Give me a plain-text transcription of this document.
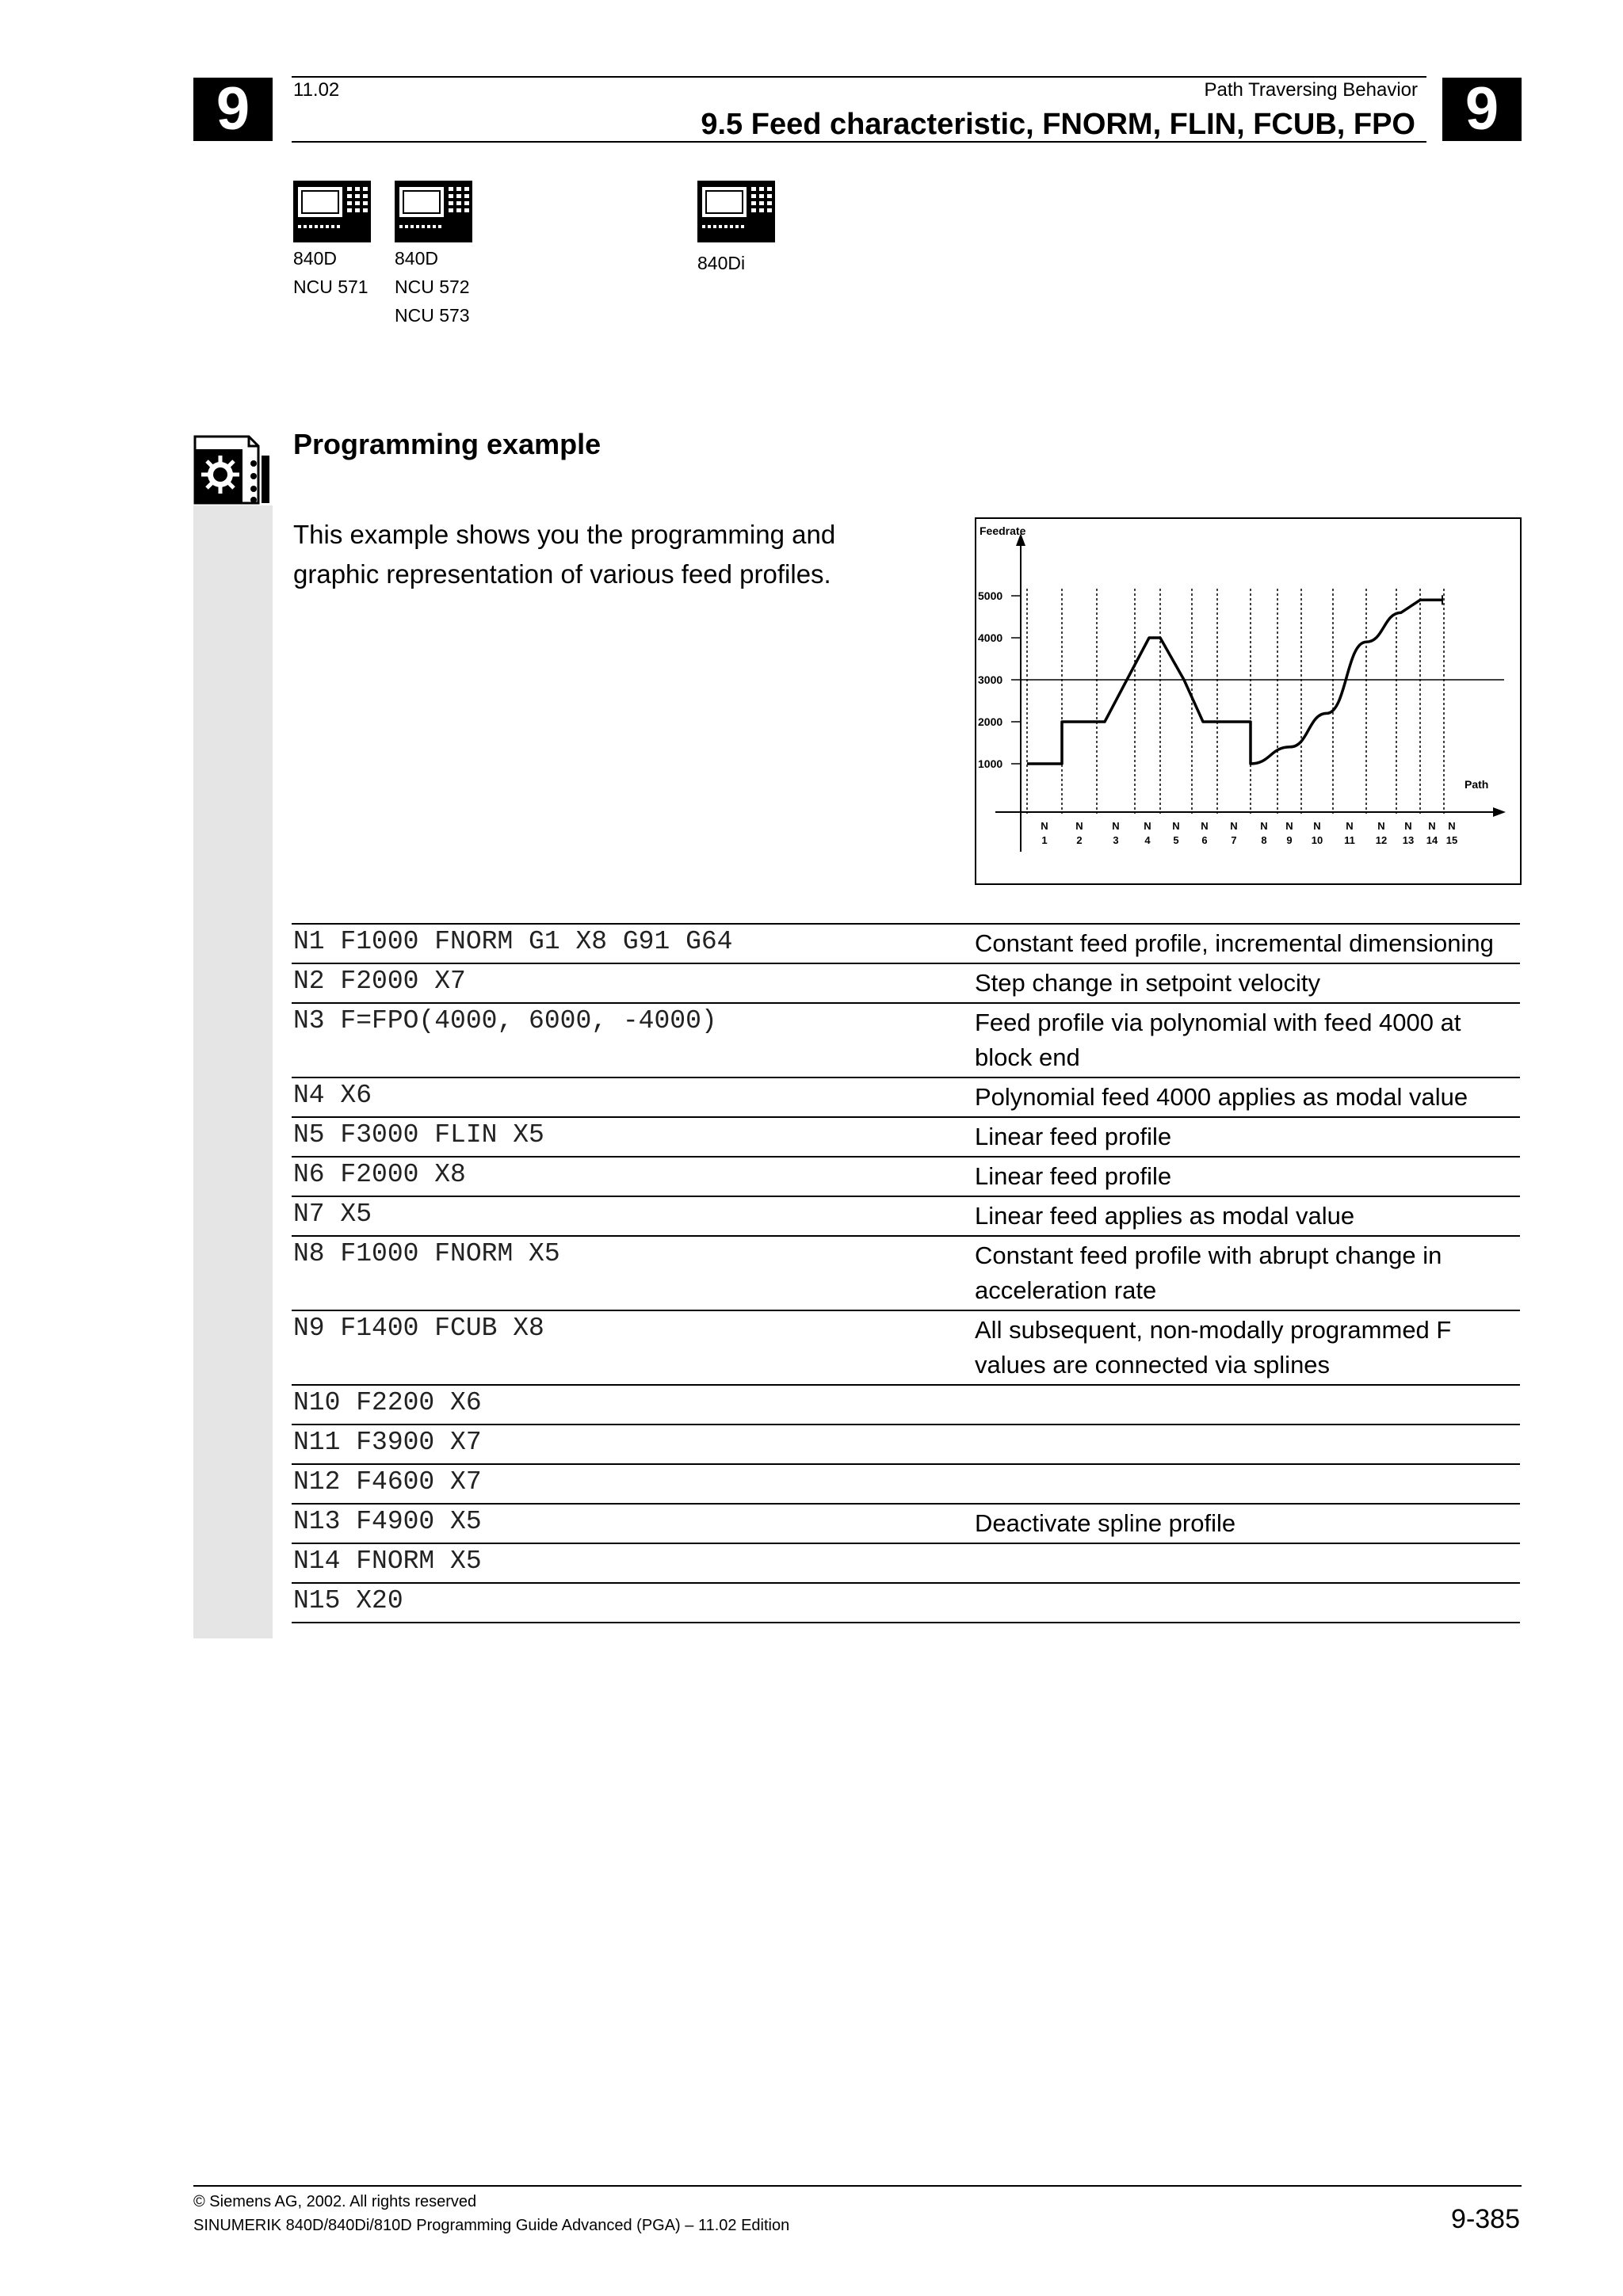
9	9
11.02	Path Traversing Behavior
9.5 Feed characteristic, FNORM, FLIN, FCUB, FPO
840D
NCU 571
840D
NCU 572
NCU 573
840Di
Programming example
This example shows you the programming and graphic representation of various feed profiles.
Feedrate
Path
5000
4000
3000
2000
1000
N
1
N
2
N
3
N
4
N
5
N
6
N
7
N
8
N
9
N
10
N
11
N
12
N
13
N
14
N
15
N1 F1000 FNORM G1 X8 G91 G64	Constant feed profile, incremental dimensioning
N2 F2000 X7	Step change in setpoint velocity
N3 F=FPO(4000, 6000, -4000)	Feed profile via polynomial with feed 4000 at block end
N4 X6	Polynomial feed 4000 applies as modal value
N5 F3000 FLIN X5	Linear feed profile
N6 F2000 X8	Linear feed profile
N7 X5	Linear feed applies as modal value
N8 F1000 FNORM X5	Constant feed profile with abrupt change in acceleration rate
N9 F1400 FCUB X8	All subsequent, non-modally programmed F values are connected via splines
N10 F2200 X6
N11 F3900 X7
N12 F4600 X7
N13 F4900 X5	Deactivate spline profile
N14 FNORM X5
N15 X20
© Siemens AG, 2002. All rights reserved
SINUMERIK 840D/840Di/810D Programming Guide Advanced (PGA) – 11.02 Edition	9-385
